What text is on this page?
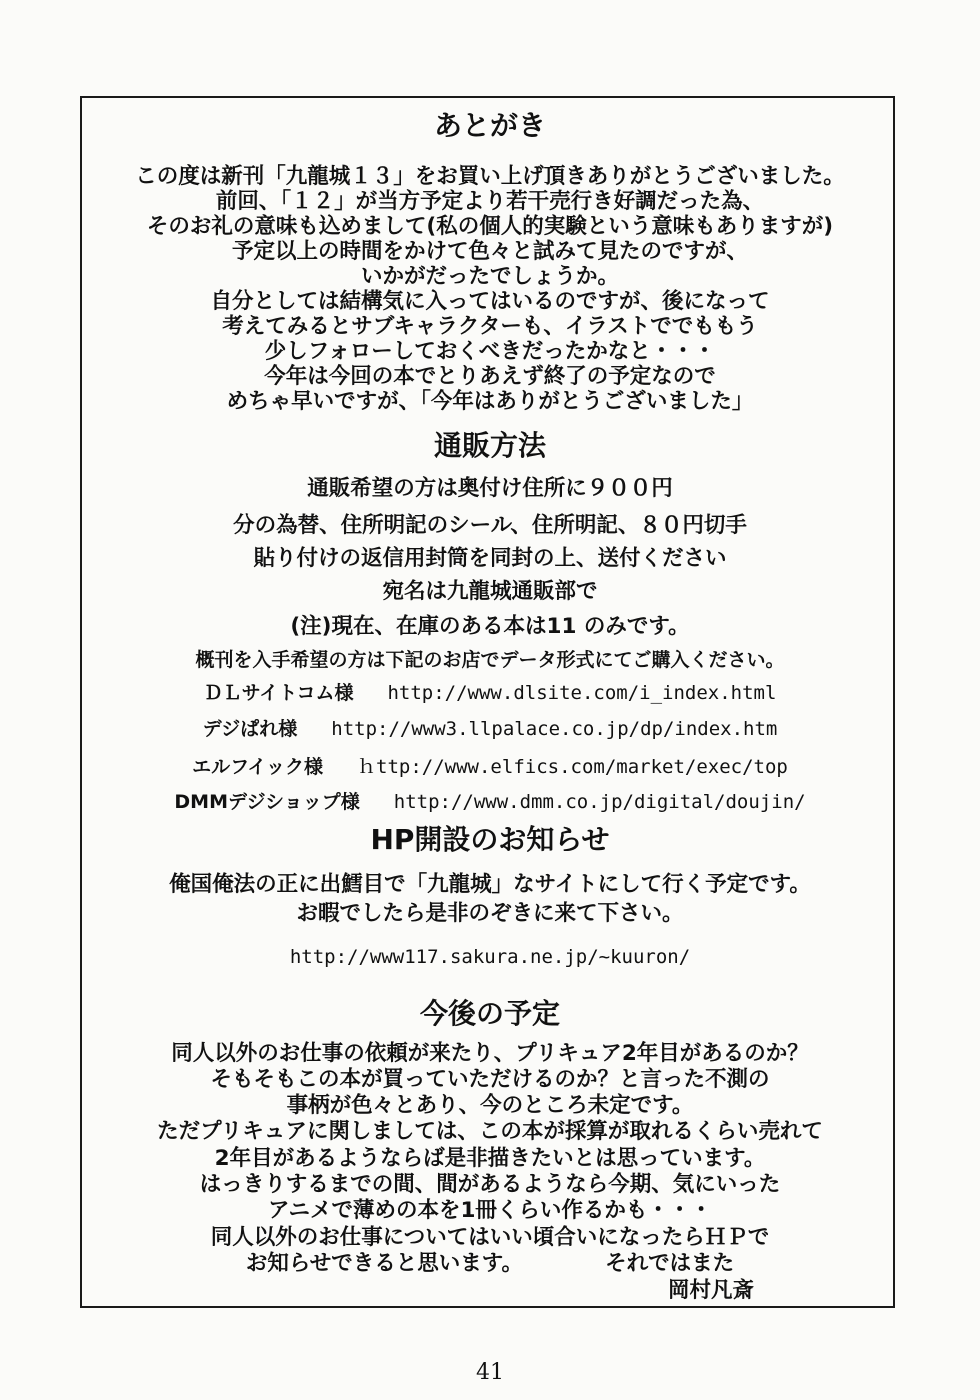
あとがき
この度は新刊「九龍城１３」をお買い上げ頂きありがとうございました。
前回、「１２」が当方予定より若干売行き好調だった為、
そのお礼の意味も込めまして(私の個人的実験という意味もありますが)
予定以上の時間をかけて色々と試みて見たのですが、
いかがだったでしょうか。
自分としては結構気に入ってはいるのですが、後になって
考えてみるとサブキャラクターも、イラストででももう
少しフォローしておくべきだったかなと・・・
今年は今回の本でとりあえず終了の予定なので
めちゃ早いですが、「今年はありがとうございました」
通販方法
通販希望の方は奥付け住所に９００円
分の為替、住所明記のシール、住所明記、８０円切手
貼り付けの返信用封筒を同封の上、送付ください
宛名は九龍城通販部で
(注)現在、在庫のある本は11 のみです。
概刊を入手希望の方は下記のお店でデータ形式にてご購入ください。
ＤＬサイトコム様 http://www.dlsite.com/i_index.html
デジぱれ様 http://www3.llpalace.co.jp/dp/index.htm
エルフイック様 ｈttp://www.elfics.com/market/exec/top
DMMデジショップ様 http://www.dmm.co.jp/digital/doujin/
HP開設のお知らせ
俺国俺法の正に出鱈目で「九龍城」なサイトにして行く予定です。
お暇でしたら是非のぞきに来て下さい。
http://www117.sakura.ne.jp/~kuuron/
今後の予定
同人以外のお仕事の依頼が来たり、プリキュア2年目があるのか？
そもそもこの本が買っていただけるのか？と言った不測の
事柄が色々とあり、今のところ未定です。
ただプリキュアに関しましては、この本が採算が取れるくらい売れて
2年目があるようならば是非描きたいとは思っています。
はっきりするまでの間、間があるようなら今期、気にいった
アニメで薄めの本を1冊くらい作るかも・・・
同人以外のお仕事についてはいい頃合いになったらＨＰで
お知らせできると思います。	それではまた
岡村凡斎
41
